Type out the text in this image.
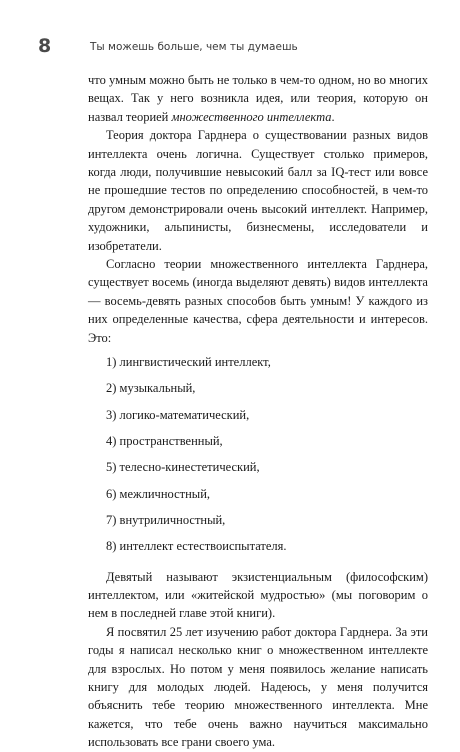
8	Ты можешь больше, чем ты думаешь

что умным можно быть не только в чем-то одном, но во многих вещах. Так у него возникла идея, или теория, которую он назвал теорией множественного интеллекта.

Теория доктора Гарднера о существовании разных видов интеллекта очень логична. Существует столько примеров, когда люди, получившие невысокий балл за IQ-тест или вовсе не прошедшие тестов по определению способностей, в чем-то другом демонстрировали очень высокий интеллект. Например, художники, альпинисты, бизнесмены, исследователи и изобретатели.

Согласно теории множественного интеллекта Гарднера, существует восемь (иногда выделяют девять) видов интеллекта — восемь-девять разных способов быть умным! У каждого из них определенные качества, сфера деятельности и интересов. Это:

1) лингвистический интеллект,
2) музыкальный,
3) логико-математический,
4) пространственный,
5) телесно-кинестетический,
6) межличностный,
7) внутриличностный,
8) интеллект естествоиспытателя.

Девятый называют экзистенциальным (философским) интеллектом, или «житейской мудростью» (мы поговорим о нем в последней главе этой книги).

Я посвятил 25 лет изучению работ доктора Гарднера. За эти годы я написал несколько книг о множественном интеллекте для взрослых. Но потом у меня появилось желание написать книгу для молодых людей. Надеюсь, у меня получится объяснить тебе теорию множественного интеллекта. Мне кажется, что тебе очень важно научиться максимально использовать все грани своего ума.
